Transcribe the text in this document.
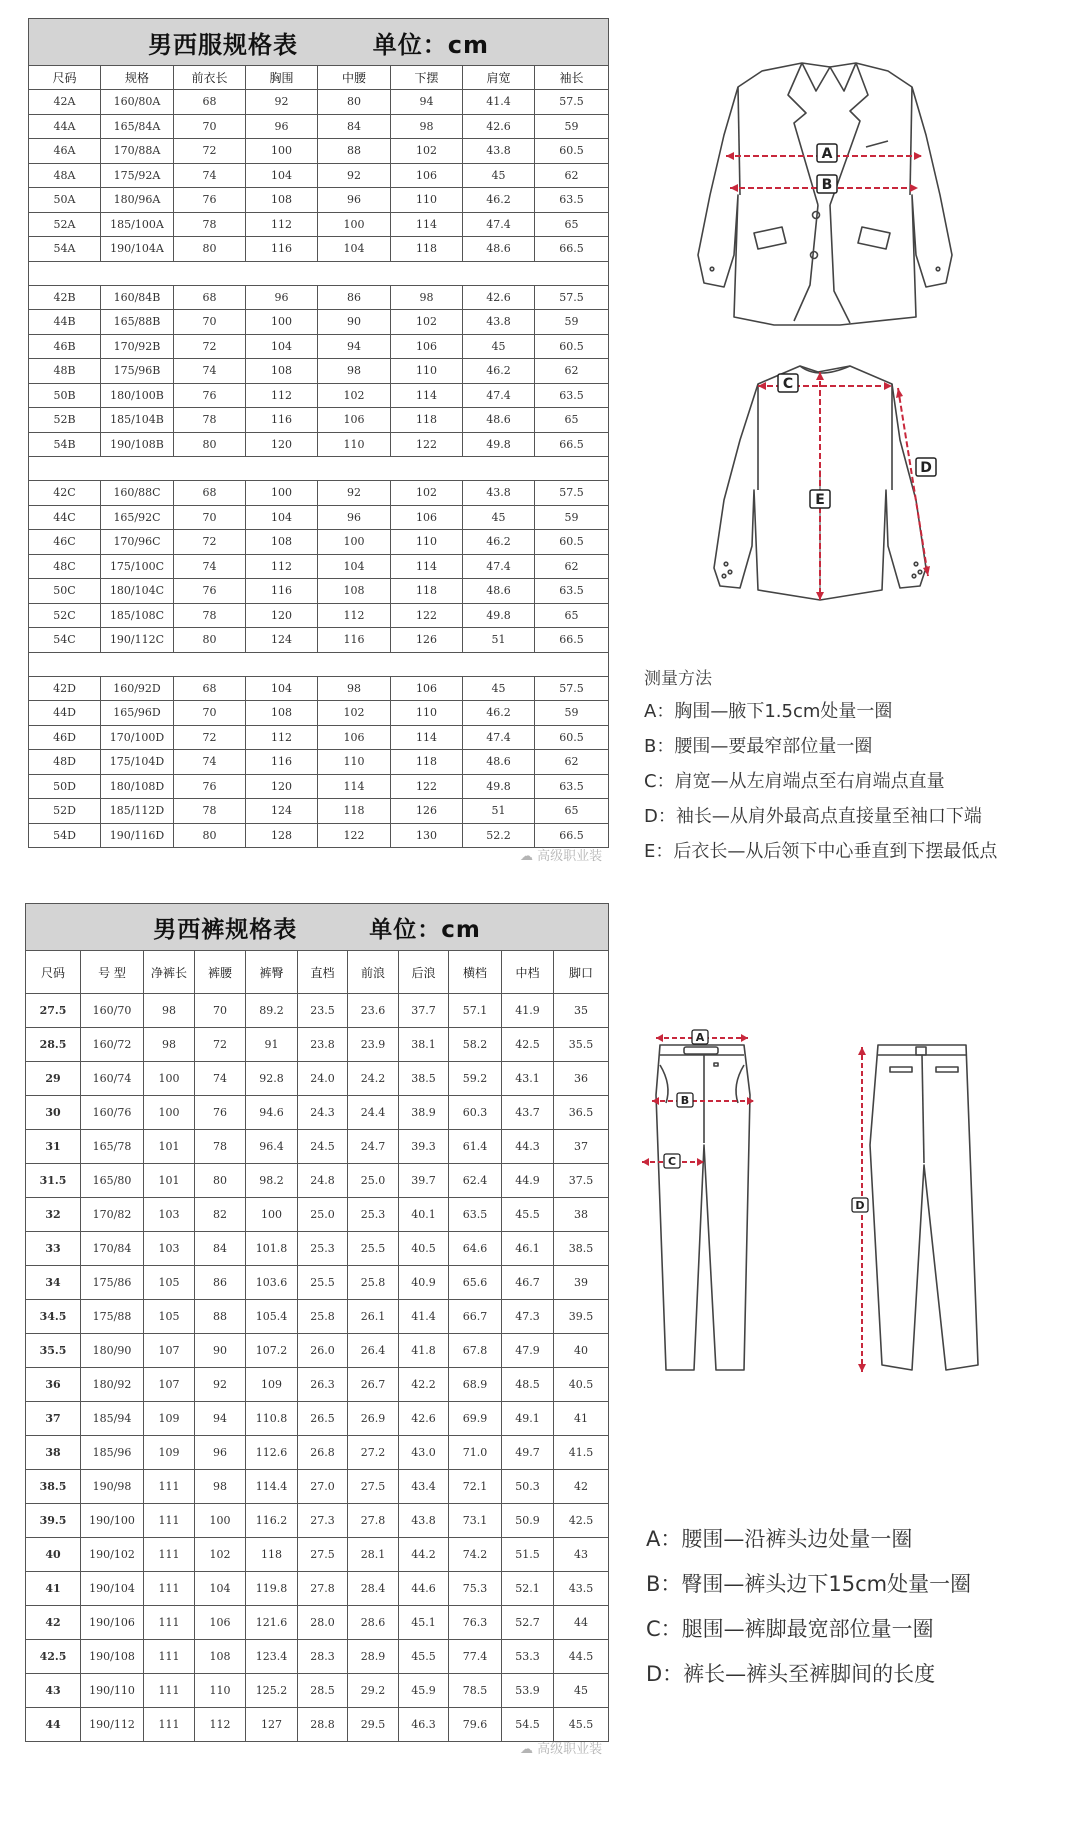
男西服规格表 单位：cm							

尺码	规格	前衣长	胸围	中腰	下摆	肩宽	袖长
42A	160/80A	68	92	80	94	41.4	57.5
44A	165/84A	70	96	84	98	42.6	59
46A	170/88A	72	100	88	102	43.8	60.5
48A	175/92A	74	104	92	106	45	62
50A	180/96A	76	108	96	110	46.2	63.5
52A	185/100A	78	112	100	114	47.4	65
54A	190/104A	80	116	104	118	48.6	66.5

42B	160/84B	68	96	86	98	42.6	57.5
44B	165/88B	70	100	90	102	43.8	59
46B	170/92B	72	104	94	106	45	60.5
48B	175/96B	74	108	98	110	46.2	62
50B	180/100B	76	112	102	114	47.4	63.5
52B	185/104B	78	116	106	118	48.6	65
54B	190/108B	80	120	110	122	49.8	66.5

42C	160/88C	68	100	92	102	43.8	57.5
44C	165/92C	70	104	96	106	45	59
46C	170/96C	72	108	100	110	46.2	60.5
48C	175/100C	74	112	104	114	47.4	62
50C	180/104C	76	116	108	118	48.6	63.5
52C	185/108C	78	120	112	122	49.8	65
54C	190/112C	80	124	116	126	51	66.5

42D	160/92D	68	104	98	106	45	57.5
44D	165/96D	70	108	102	110	46.2	59
46D	170/100D	72	112	106	114	47.4	60.5
48D	175/104D	74	116	110	118	48.6	62
50D	180/108D	76	120	114	122	49.8	63.5
52D	185/112D	78	124	118	126	51	65
54D	190/116D	80	128	122	130	52.2	66.5
男西裤规格表 单位：cm										

尺码	号 型	净裤长	裤腰	裤臀	直档	前浪	后浪	横档	中档	脚口
27.5	160/70	98	70	89.2	23.5	23.6	37.7	57.1	41.9	35
28.5	160/72	98	72	91	23.8	23.9	38.1	58.2	42.5	35.5
29	160/74	100	74	92.8	24.0	24.2	38.5	59.2	43.1	36
30	160/76	100	76	94.6	24.3	24.4	38.9	60.3	43.7	36.5
31	165/78	101	78	96.4	24.5	24.7	39.3	61.4	44.3	37
31.5	165/80	101	80	98.2	24.8	25.0	39.7	62.4	44.9	37.5
32	170/82	103	82	100	25.0	25.3	40.1	63.5	45.5	38
33	170/84	103	84	101.8	25.3	25.5	40.5	64.6	46.1	38.5
34	175/86	105	86	103.6	25.5	25.8	40.9	65.6	46.7	39
34.5	175/88	105	88	105.4	25.8	26.1	41.4	66.7	47.3	39.5
35.5	180/90	107	90	107.2	26.0	26.4	41.8	67.8	47.9	40
36	180/92	107	92	109	26.3	26.7	42.2	68.9	48.5	40.5
37	185/94	109	94	110.8	26.5	26.9	42.6	69.9	49.1	41
38	185/96	109	96	112.6	26.8	27.2	43.0	71.0	49.7	41.5
38.5	190/98	111	98	114.4	27.0	27.5	43.4	72.1	50.3	42
39.5	190/100	111	100	116.2	27.3	27.8	43.8	73.1	50.9	42.5
40	190/102	111	102	118	27.5	28.1	44.2	74.2	51.5	43
41	190/104	111	104	119.8	27.8	28.4	44.6	75.3	52.1	43.5
42	190/106	111	106	121.6	28.0	28.6	45.1	76.3	52.7	44
42.5	190/108	111	108	123.4	28.3	28.9	45.5	77.4	53.3	44.5
43	190/110	111	110	125.2	28.5	29.2	45.9	78.5	53.9	45
44	190/112	111	112	127	28.8	29.5	46.3	79.6	54.5	45.5
A
B
C
D
E
测量方法
A：胸围—腋下1.5cm处量一圈
B：腰围—要最窄部位量一圈
C：肩宽—从左肩端点至右肩端点直量
D：袖长—从肩外最高点直接量至袖口下端
E：后衣长—从后领下中心垂直到下摆最低点
A
B
C
D
A：腰围—沿裤头边处量一圈
B：臀围—裤头边下15cm处量一圈
C：腿围—裤脚最宽部位量一圈
D：裤长—裤头至裤脚间的长度
☁ 高级职业装
☁ 高级职业装
